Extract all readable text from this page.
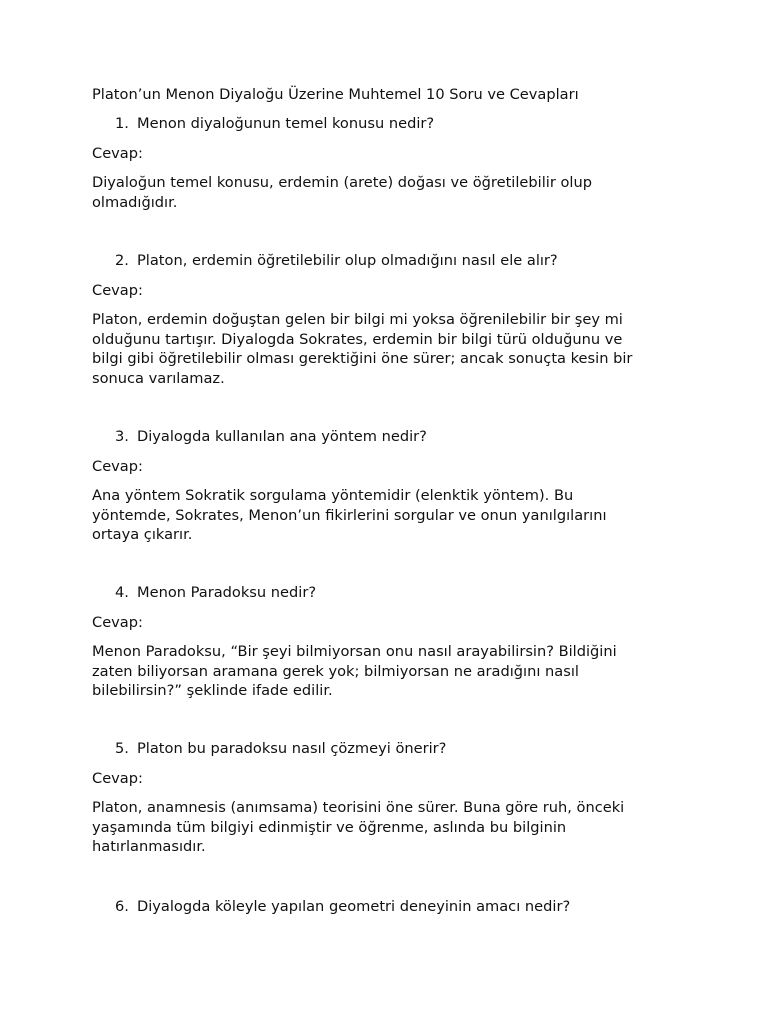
Platon’un Menon Diyaloğu Üzerine Muhtemel 10 Soru ve Cevapları
1. Menon diyaloğunun temel konusu nedir?
Cevap:
Diyaloğun temel konusu, erdemin (arete) doğası ve öğretilebilir olup
olmadığıdır.
2. Platon, erdemin öğretilebilir olup olmadığını nasıl ele alır?
Cevap:
Platon, erdemin doğuştan gelen bir bilgi mi yoksa öğrenilebilir bir şey mi
olduğunu tartışır. Diyalogda Sokrates, erdemin bir bilgi türü olduğunu ve
bilgi gibi öğretilebilir olması gerektiğini öne sürer; ancak sonuçta kesin bir
sonuca varılamaz.
3. Diyalogda kullanılan ana yöntem nedir?
Cevap:
Ana yöntem Sokratik sorgulama yöntemidir (elenktik yöntem). Bu
yöntemde, Sokrates, Menon’un fikirlerini sorgular ve onun yanılgılarını
ortaya çıkarır.
4. Menon Paradoksu nedir?
Cevap:
Menon Paradoksu, “Bir şeyi bilmiyorsan onu nasıl arayabilirsin? Bildiğini
zaten biliyorsan aramana gerek yok; bilmiyorsan ne aradığını nasıl
bilebilirsin?” şeklinde ifade edilir.
5. Platon bu paradoksu nasıl çözmeyi önerir?
Cevap:
Platon, anamnesis (anımsama) teorisini öne sürer. Buna göre ruh, önceki
yaşamında tüm bilgiyi edinmiştir ve öğrenme, aslında bu bilginin
hatırlanmasıdır.
6. Diyalogda köleyle yapılan geometri deneyinin amacı nedir?
